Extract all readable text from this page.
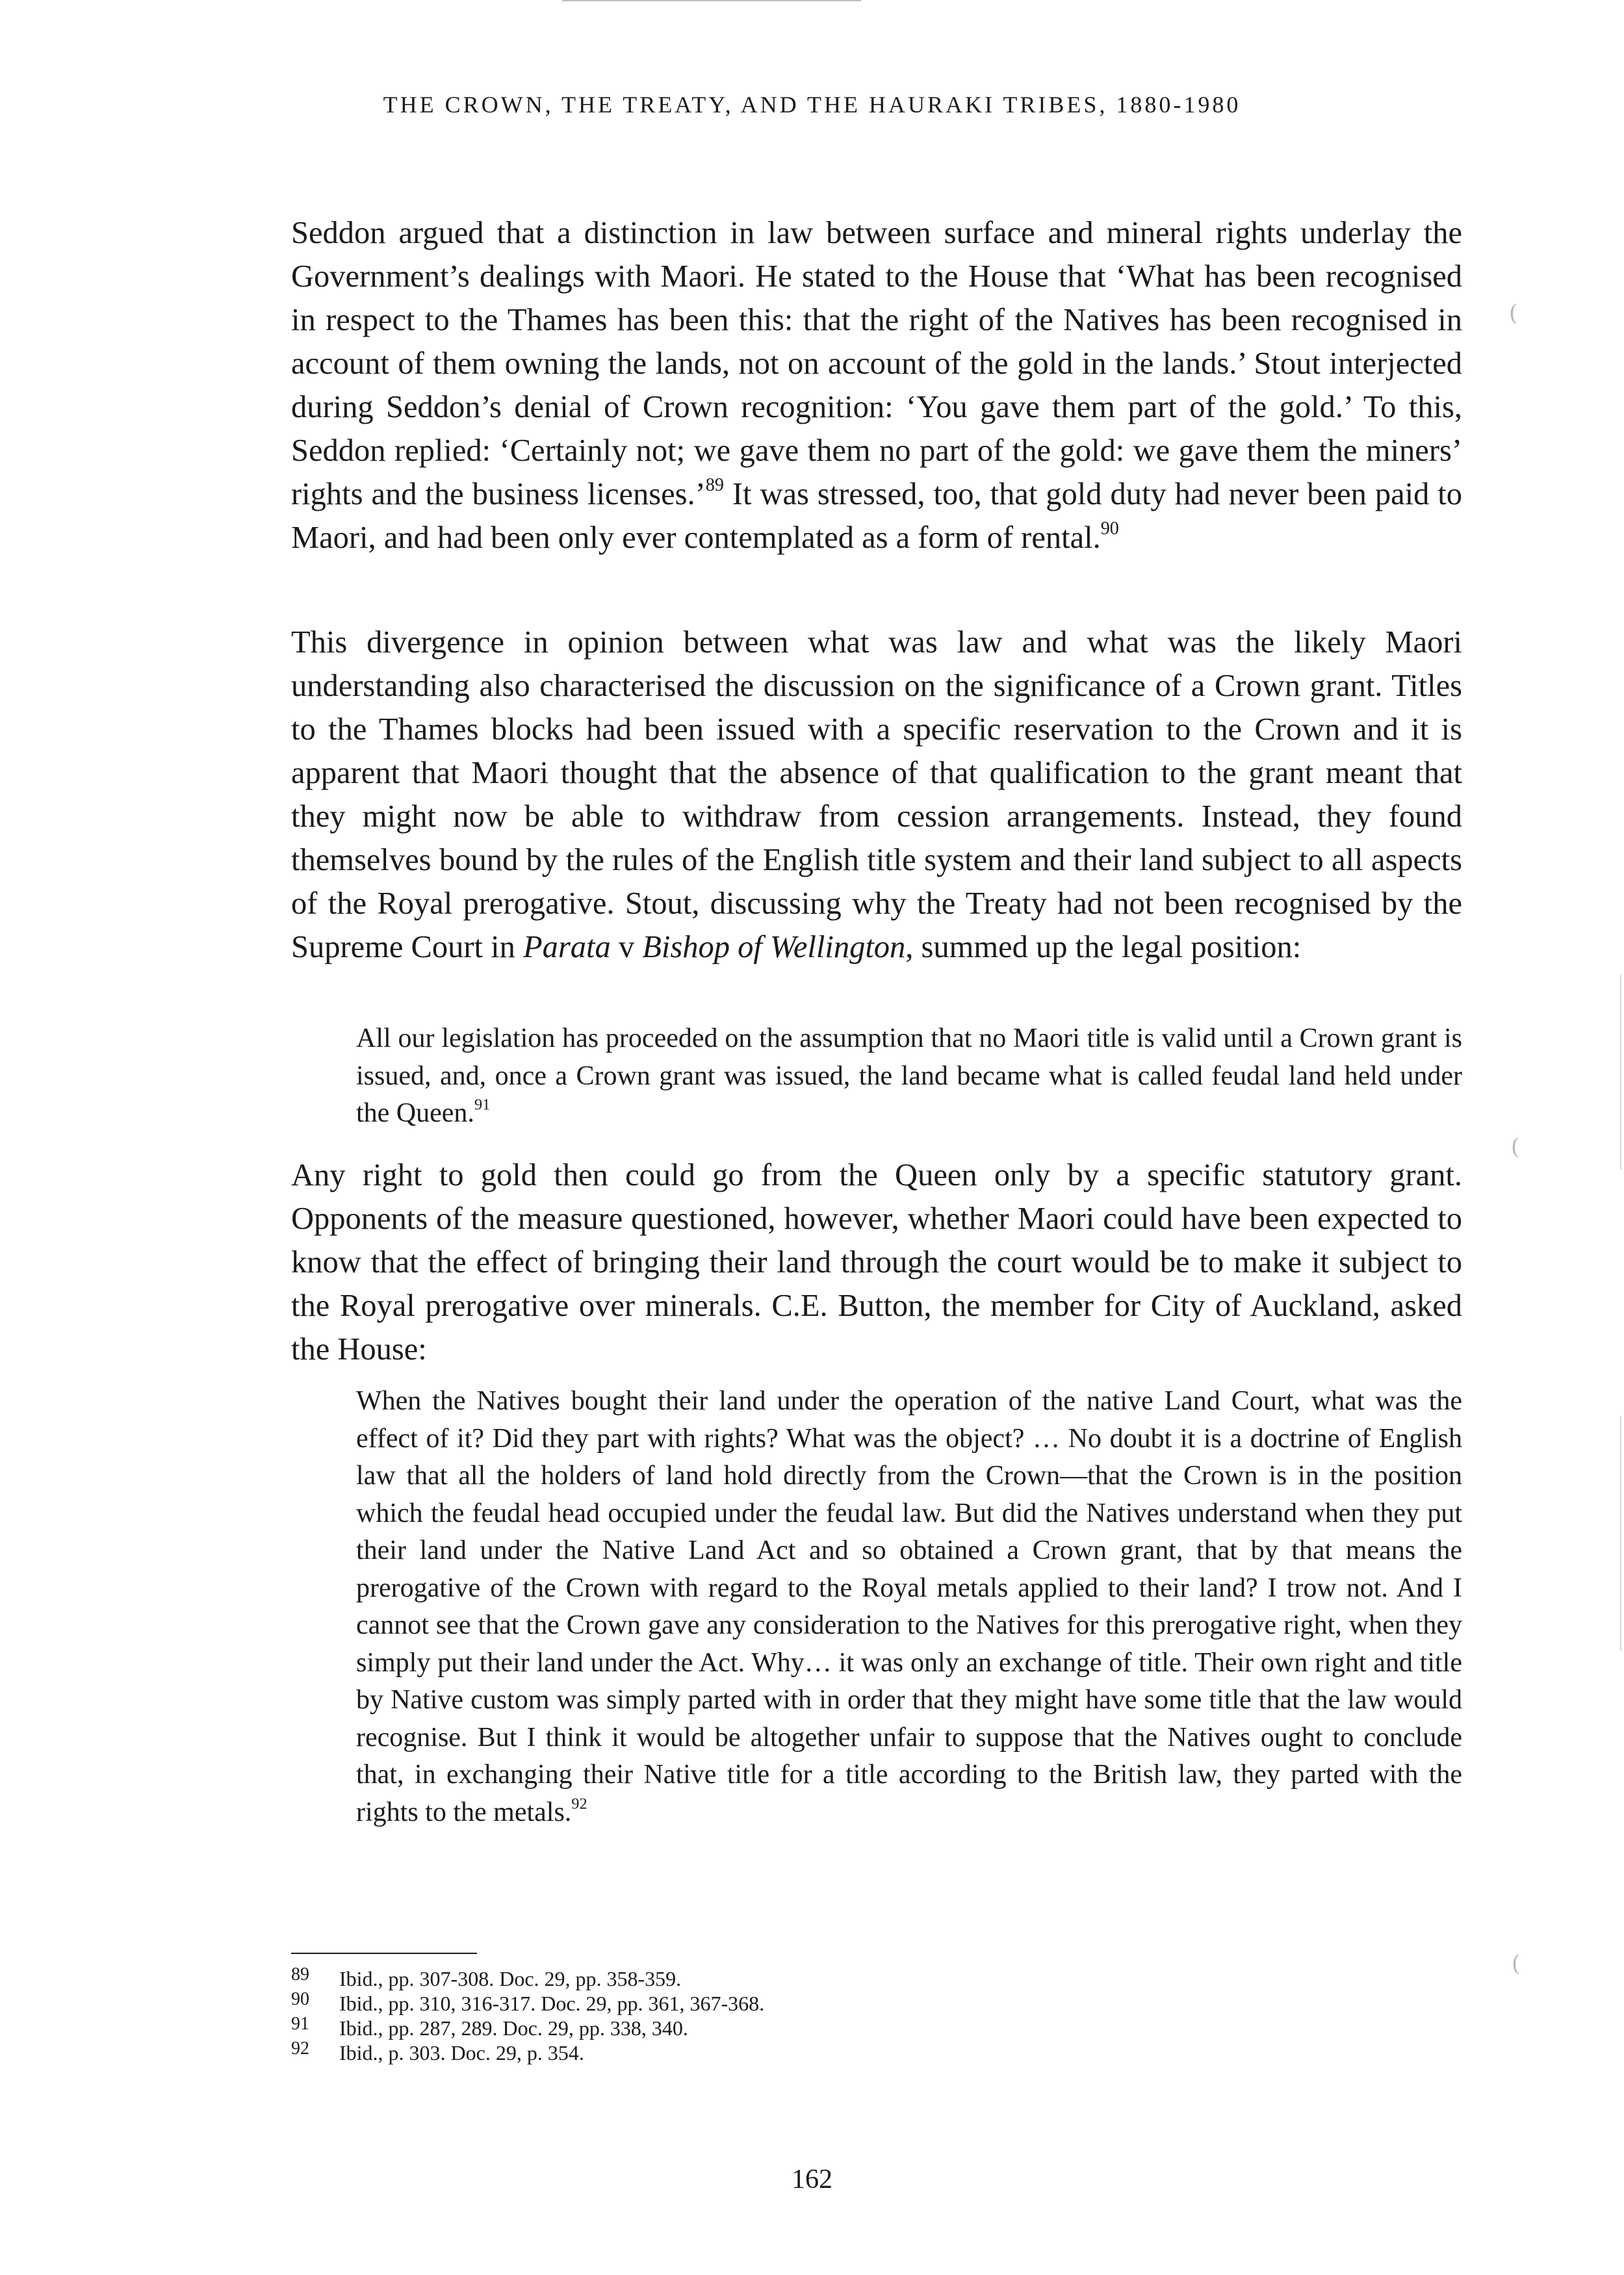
THE CROWN, THE TREATY, AND THE HAURAKI TRIBES, 1880-1980

Seddon argued that a distinction in law between surface and mineral rights underlay the Government’s dealings with Maori. He stated to the House that ‘What has been recognised in respect to the Thames has been this: that the right of the Natives has been recognised in account of them owning the lands, not on account of the gold in the lands.’ Stout interjected during Seddon’s denial of Crown recognition: ‘You gave them part of the gold.’ To this, Seddon replied: ‘Certainly not; we gave them no part of the gold: we gave them the miners’ rights and the business licenses.’$^{89}$ It was stressed, too, that gold duty had never been paid to Maori, and had been only ever contemplated as a form of rental.$^{90}$

This divergence in opinion between what was law and what was the likely Maori understanding also characterised the discussion on the significance of a Crown grant. Titles to the Thames blocks had been issued with a specific reservation to the Crown and it is apparent that Maori thought that the absence of that qualification to the grant meant that they might now be able to withdraw from cession arrangements. Instead, they found themselves bound by the rules of the English title system and their land subject to all aspects of the Royal prerogative. Stout, discussing why the Treaty had not been recognised by the Supreme Court in Parata v Bishop of Wellington, summed up the legal position:

All our legislation has proceeded on the assumption that no Maori title is valid until a Crown grant is issued, and, once a Crown grant was issued, the land became what is called feudal land held under the Queen.$^{91}$

Any right to gold then could go from the Queen only by a specific statutory grant. Opponents of the measure questioned, however, whether Maori could have been expected to know that the effect of bringing their land through the court would be to make it subject to the Royal prerogative over minerals. C.E. Button, the member for City of Auckland, asked the House:

When the Natives bought their land under the operation of the native Land Court, what was the effect of it? Did they part with rights? What was the object? … No doubt it is a doctrine of English law that all the holders of land hold directly from the Crown—that the Crown is in the position which the feudal head occupied under the feudal law. But did the Natives understand when they put their land under the Native Land Act and so obtained a Crown grant, that by that means the prerogative of the Crown with regard to the Royal metals applied to their land? I trow not. And I cannot see that the Crown gave any consideration to the Natives for this prerogative right, when they simply put their land under the Act. Why… it was only an exchange of title. Their own right and title by Native custom was simply parted with in order that they might have some title that the law would recognise. But I think it would be altogether unfair to suppose that the Natives ought to conclude that, in exchanging their Native title for a title according to the British law, they parted with the rights to the metals.$^{92}$

89 Ibid., pp. 307-308. Doc. 29, pp. 358-359.
90 Ibid., pp. 310, 316-317. Doc. 29, pp. 361, 367-368.
91 Ibid., pp. 287, 289. Doc. 29, pp. 338, 340.
92 Ibid., p. 303. Doc. 29, p. 354.
162
(
(
(
